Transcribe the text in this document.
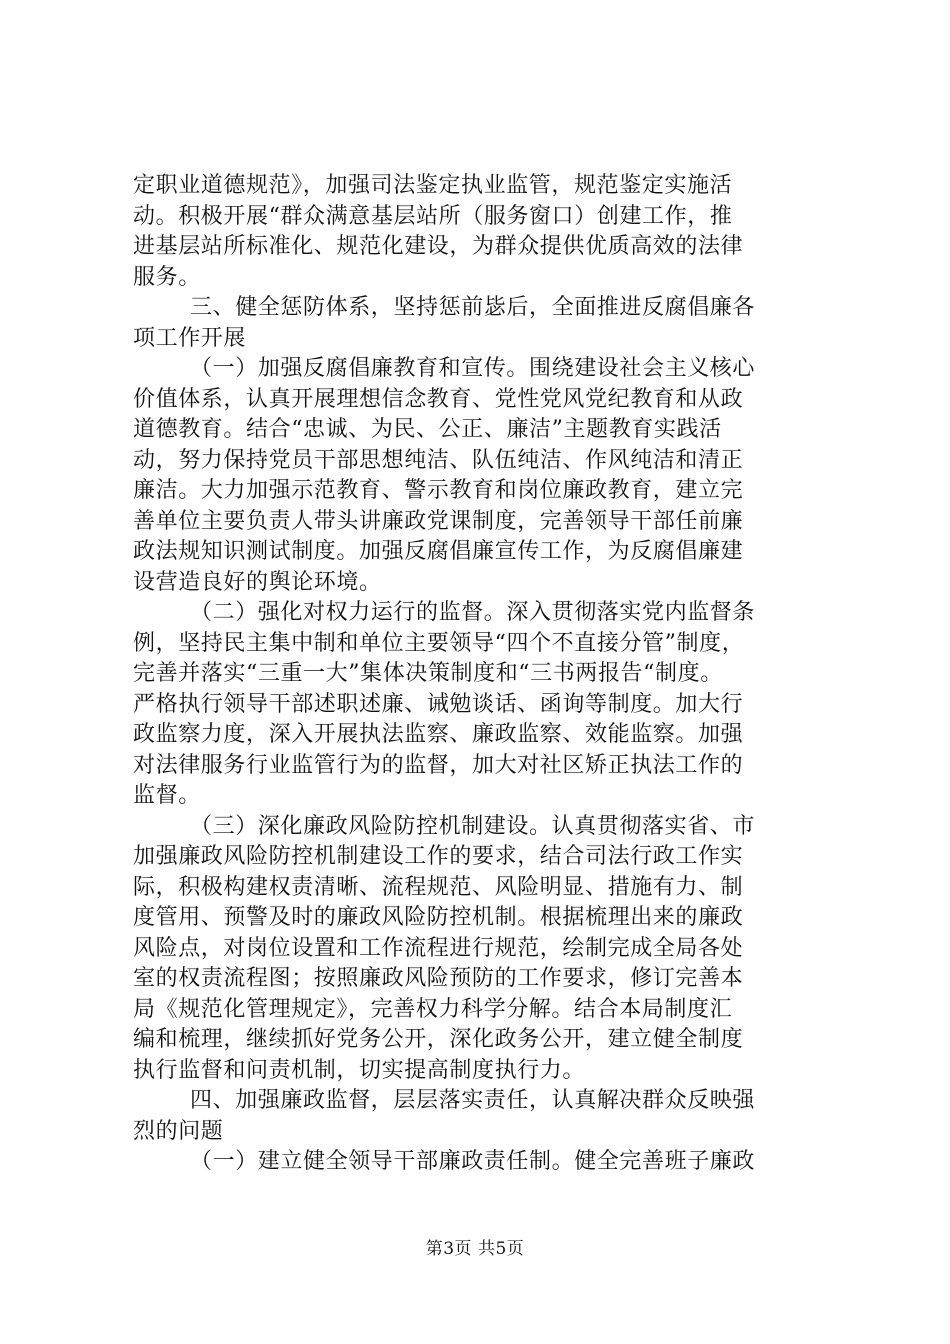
定职业道德规范》，加强司法鉴定执业监管，规范鉴定实施活
动。积极开展“群众满意基层站所（服务窗口）创建工作，推
进基层站所标准化、规范化建设，为群众提供优质高效的法律
服务。
三、健全惩防体系，坚持惩前毖后，全面推进反腐倡廉各
项工作开展
（一）加强反腐倡廉教育和宣传。围绕建设社会主义核心
价值体系，认真开展理想信念教育、党性党风党纪教育和从政
道德教育。结合“忠诚、为民、公正、廉洁”主题教育实践活
动，努力保持党员干部思想纯洁、队伍纯洁、作风纯洁和清正
廉洁。大力加强示范教育、警示教育和岗位廉政教育，建立完
善单位主要负责人带头讲廉政党课制度，完善领导干部任前廉
政法规知识测试制度。加强反腐倡廉宣传工作，为反腐倡廉建
设营造良好的舆论环境。
（二）强化对权力运行的监督。深入贯彻落实党内监督条
例，坚持民主集中制和单位主要领导“四个不直接分管”制度，
完善并落实“三重一大”集体决策制度和“三书两报告“制度。
严格执行领导干部述职述廉、诫勉谈话、函询等制度。加大行
政监察力度，深入开展执法监察、廉政监察、效能监察。加强
对法律服务行业监管行为的监督，加大对社区矫正执法工作的
监督。
（三）深化廉政风险防控机制建设。认真贯彻落实省、市
加强廉政风险防控机制建设工作的要求，结合司法行政工作实
际，积极构建权责清晰、流程规范、风险明显、措施有力、制
度管用、预警及时的廉政风险防控机制。根据梳理出来的廉政
风险点，对岗位设置和工作流程进行规范，绘制完成全局各处
室的权责流程图；按照廉政风险预防的工作要求，修订完善本
局《规范化管理规定》，完善权力科学分解。结合本局制度汇
编和梳理，继续抓好党务公开，深化政务公开，建立健全制度
执行监督和问责机制，切实提高制度执行力。
四、加强廉政监督，层层落实责任，认真解决群众反映强
烈的问题
（一）建立健全领导干部廉政责任制。健全完善班子廉政
第3页 共5页
